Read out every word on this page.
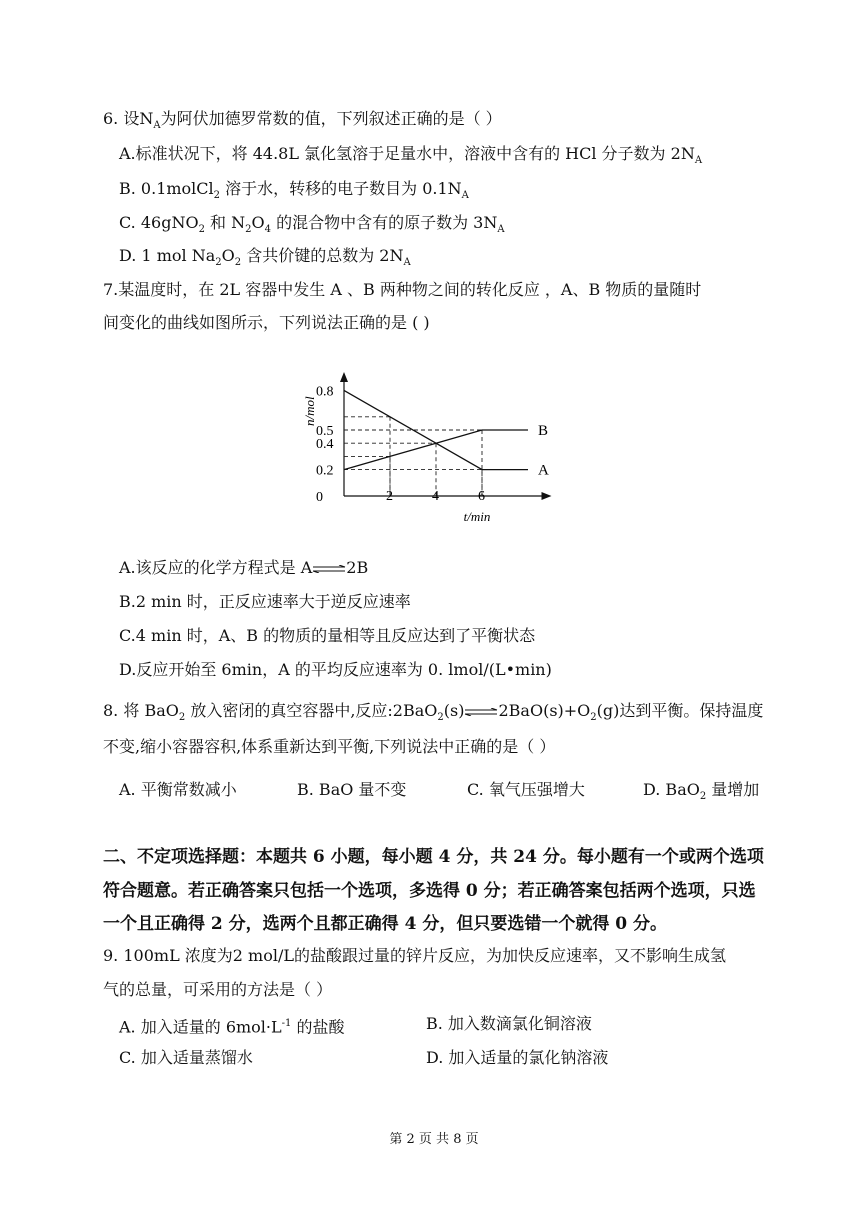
6. 设$N_A$为阿伏加德罗常数的值，下列叙述正确的是（ ）
A.标准状况下，将 44.8L 氯化氢溶于足量水中，溶液中含有的 HCl 分子数为 $2N_A$
B. 0.1molCl$_2$ 溶于水，转移的电子数目为 $0.1N_A$
C. 46gNO$_2$ 和 $N_2O_4$ 的混合物中含有的原子数为 $3N_A$
D. 1 mol $Na_2O_2$ 含共价键的总数为 $2N_A$
7.某温度时，在 2L 容器中发生 A 、B 两种物之间的转化反应 ，A、B 物质的量随时
间变化的曲线如图所示，下列说法正确的是 ( )
A
B
0.8
0.5
0.4
0.2
0	2	4	6
n/mol
t/min
A.该反应的化学方程式是 A⇌2B
B.2 min 时，正反应速率大于逆反应速率
C.4 min 时，A、B 的物质的量相等且反应达到了平衡状态
D.反应开始至 6min，A 的平均反应速率为 0. lmol/(L•min)
8. 将 BaO$_2$ 放入密闭的真空容器中,反应$:2BaO_2(s)\rightleftharpoons 2BaO(s)+O_2(g)$达到平衡。保持温度
不变,缩小容器容积,体系重新达到平衡,下列说法中正确的是（ ）
A. 平衡常数减小	B. BaO 量不变	C. 氧气压强增大	D. BaO$_2$ 量增加
二、不定项选择题：本题共 6 小题，每小题 4 分，共 24 分。每小题有一个或两个选项
符合题意。若正确答案只包括一个选项，多选得 0 分；若正确答案包括两个选项，只选
一个且正确得 2 分，选两个且都正确得 4 分，但只要选错一个就得 0 分。
9. 100mL 浓度为2 mol/L的盐酸跟过量的锌片反应，为加快反应速率，又不影响生成氢
气的总量，可采用的方法是（ ）
A. 加入适量的 $6mol\cdot L^{-1}$ 的盐酸	B. 加入数滴氯化铜溶液
C. 加入适量蒸馏水	D. 加入适量的氯化钠溶液
第 2 页 共 8 页
